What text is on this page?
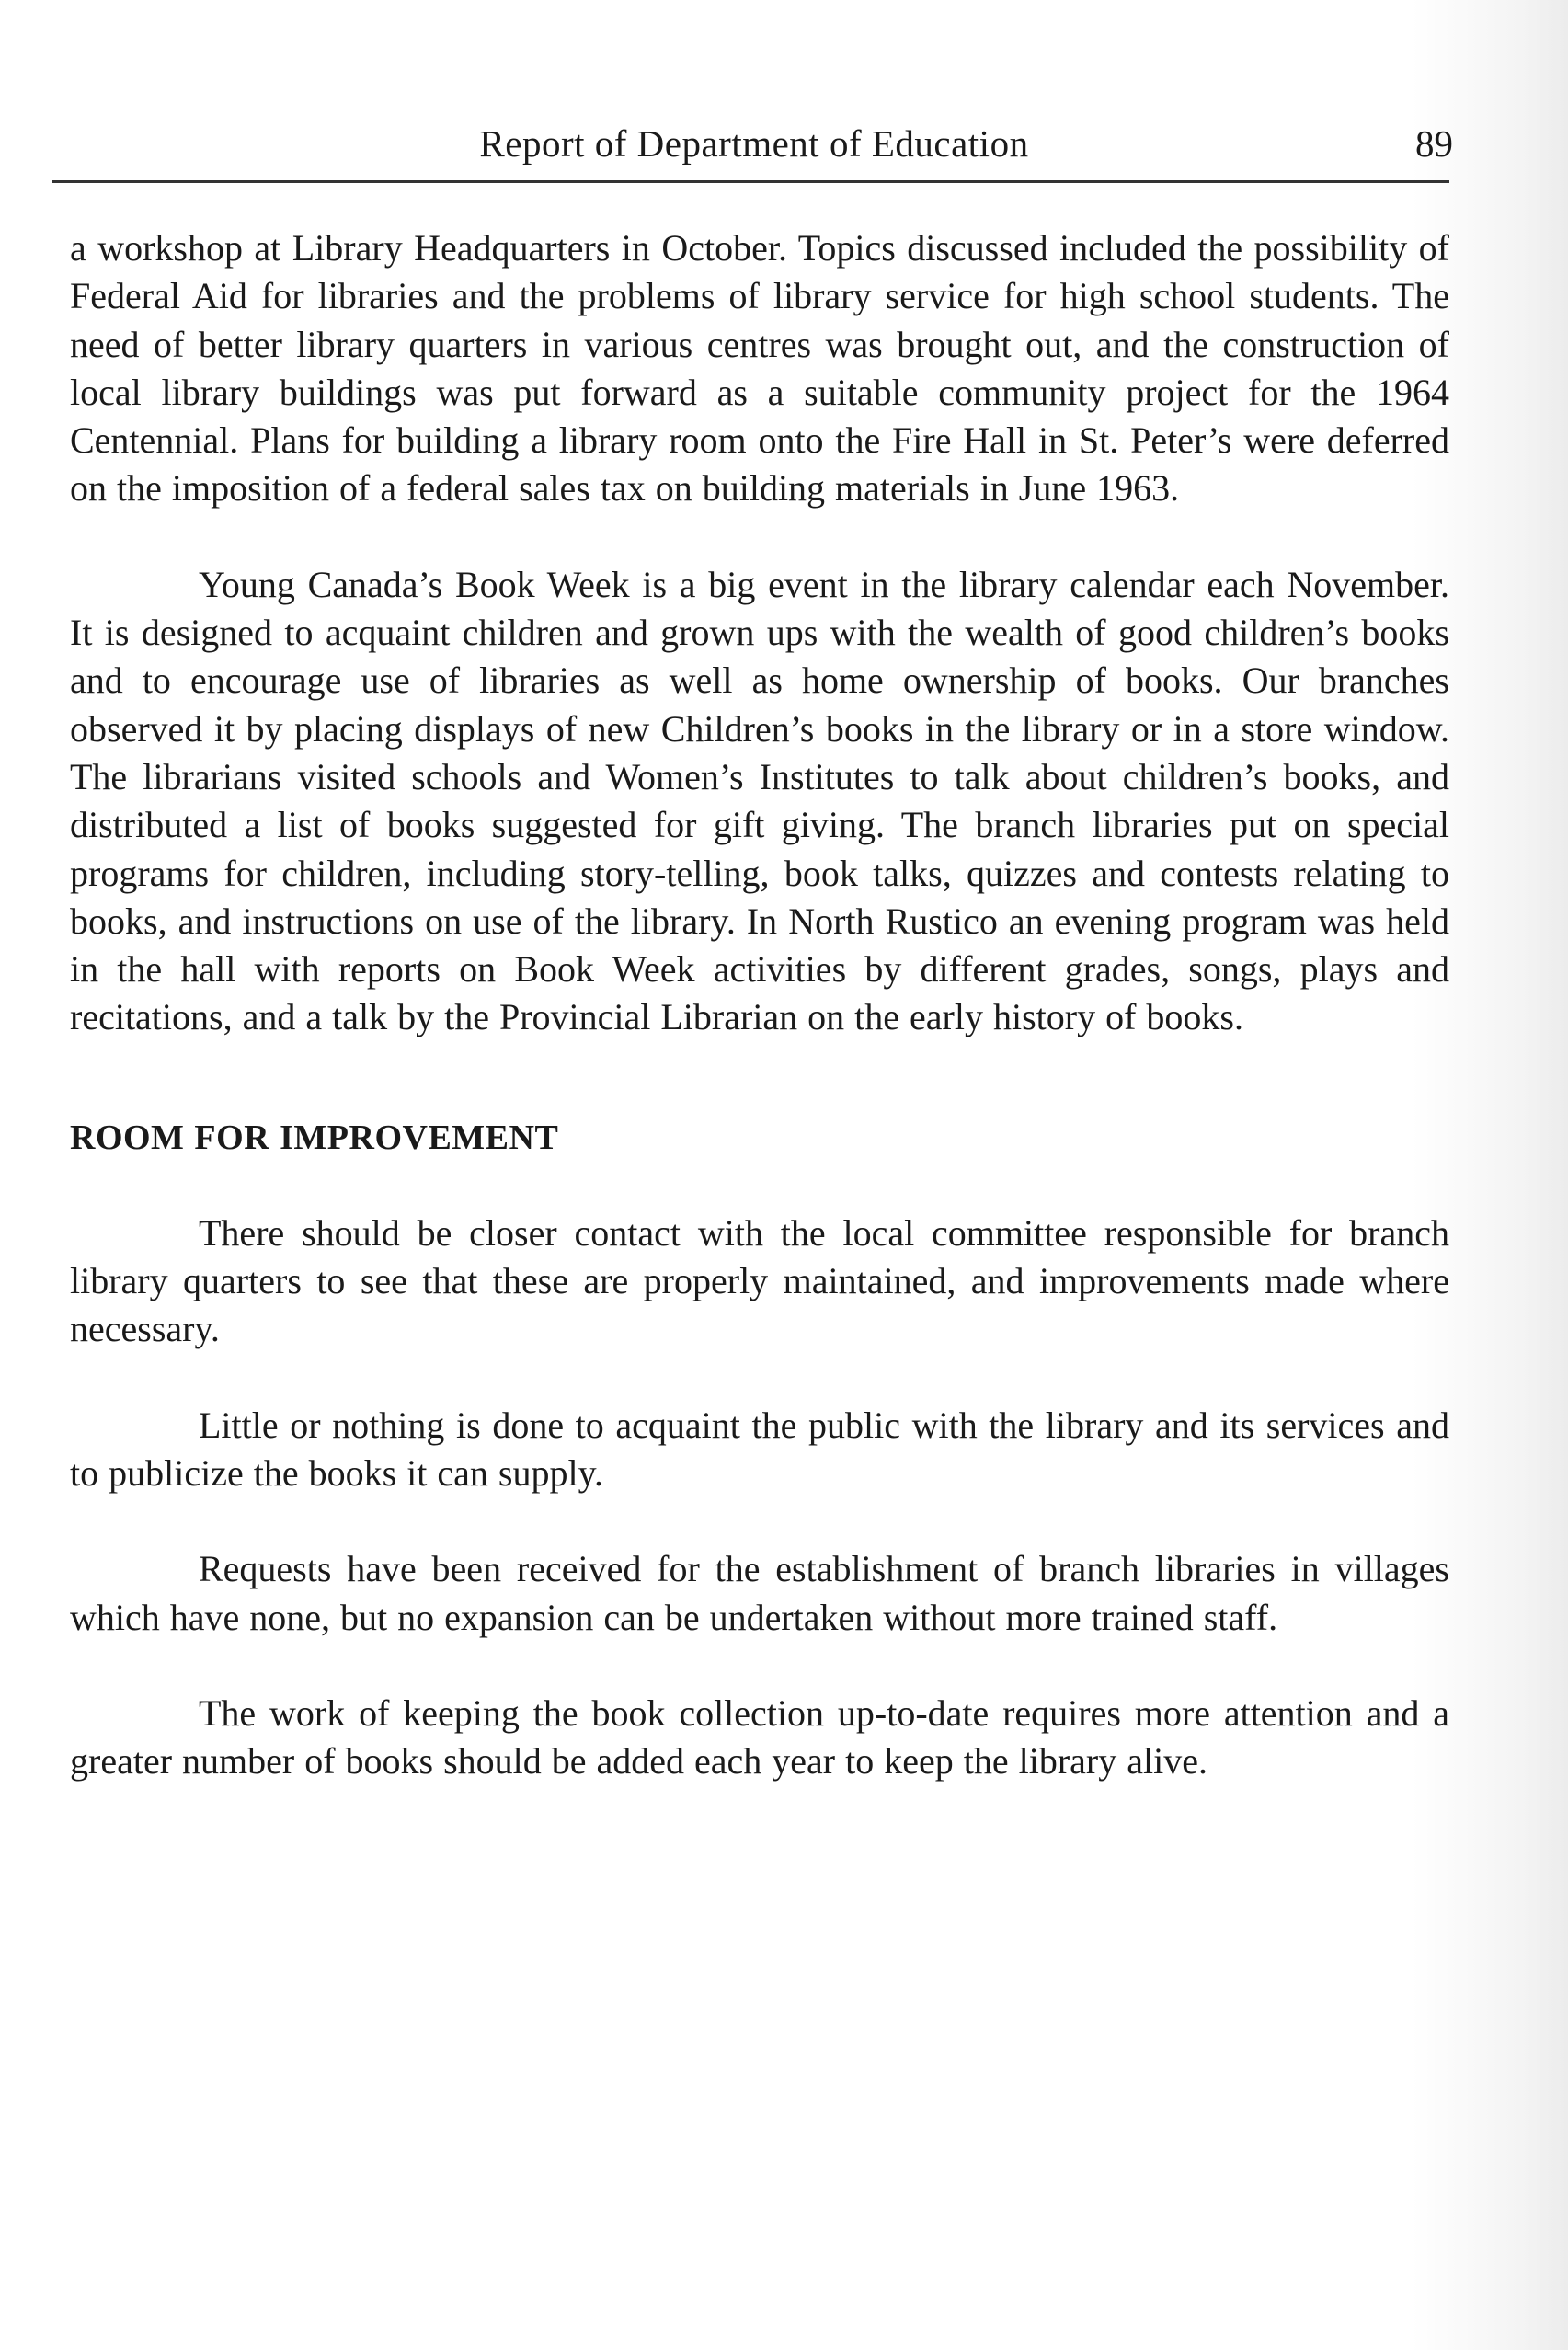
Report of Department of Education	89

a workshop at Library Headquarters in October. Topics discussed included the possibility of Federal Aid for libraries and the problems of library service for high school students. The need of better library quarters in various centres was brought out, and the construction of local library buildings was put forward as a suitable community project for the 1964 Centennial. Plans for building a library room onto the Fire Hall in St. Peter’s were deferred on the imposition of a federal sales tax on building materials in June 1963.

Young Canada’s Book Week is a big event in the library calendar each November. It is designed to acquaint children and grown ups with the wealth of good children’s books and to encourage use of libraries as well as home ownership of books. Our branches observed it by placing displays of new Children’s books in the library or in a store window. The librarians visited schools and Women’s Institutes to talk about children’s books, and distributed a list of books suggested for gift giving. The branch libraries put on special programs for children, including story-telling, book talks, quizzes and contests relating to books, and instructions on use of the library. In North Rustico an evening program was held in the hall with reports on Book Week activities by different grades, songs, plays and recitations, and a talk by the Provincial Librarian on the early history of books.

ROOM FOR IMPROVEMENT

There should be closer contact with the local committee responsible for branch library quarters to see that these are properly maintained, and improvements made where necessary.

Little or nothing is done to acquaint the public with the library and its services and to publicize the books it can supply.

Requests have been received for the establishment of branch libraries in villages which have none, but no expansion can be undertaken without more trained staff.

The work of keeping the book collection up-to-date requires more attention and a greater number of books should be added each year to keep the library alive.
